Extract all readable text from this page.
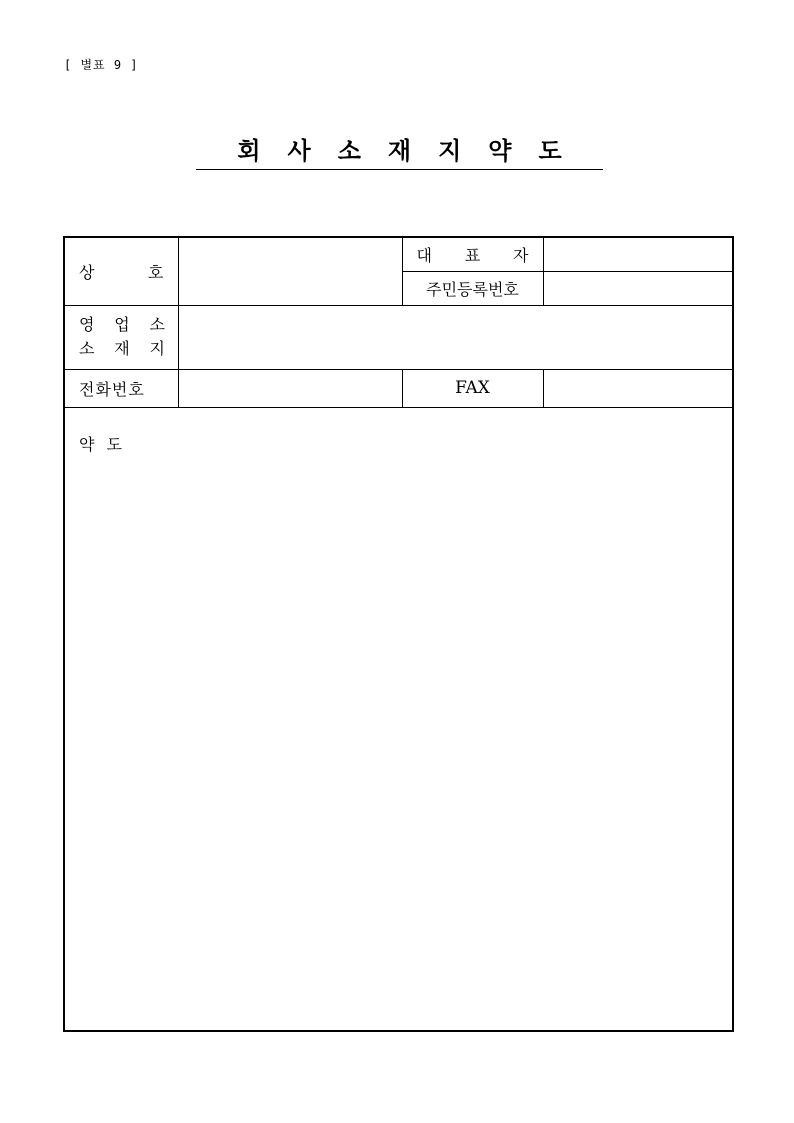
[ 별표 9 ]
회사소재지약도
상 호		대 표 자	

		주민등록번호	

영 업 소
소 재 지			

전화번호		FAX	
약도			
